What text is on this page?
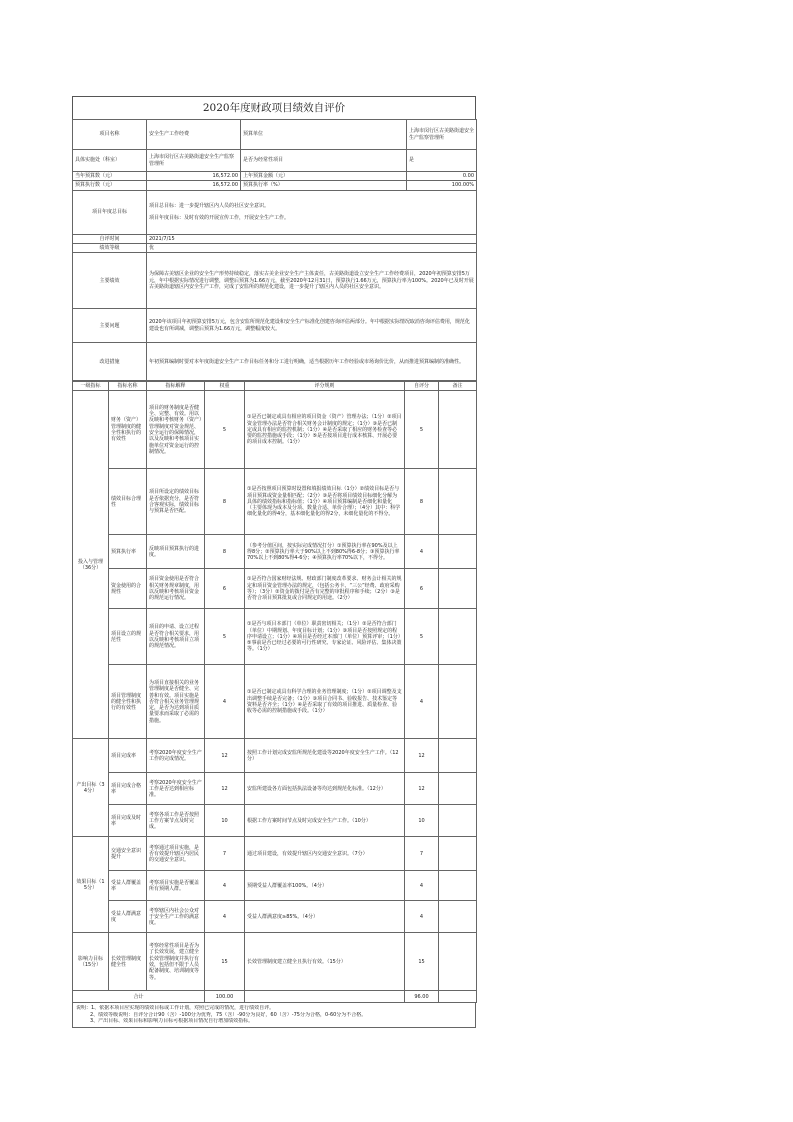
2020年度财政项目绩效自评价
项目名称	安全生产工作经费	预算单位	上海市闵行区古美路街道安全生产监察管理所
具体实施处（科室）	上海市闵行区古美路街道安全生产监察管理所	是否为经常性项目	是
当年预算数（元）	16,572.00	上年预算金额（元）	0.00
预算执行数（元）	16,572.00	预算执行率（%）	100.00%
项目年度总目标	项目总目标：进一步提升辖区内人员的社区安全意识。
项目年度目标：及时有效的开展宣传工作，开展安全生产工作。		

自评时间	2021/7/15		
绩效等级	优		
主要绩效	为保障古美辖区企业的安全生产形势持续稳定，落实古美企业安全生产主体责任，古美路街道设立安全生产工作经费项目，2020年初预算安排5万元，年中根据实际情况进行调整，调整后预算为1.66万元，截至2020年12月31日，预算执行1.66万元，预算执行率为100%。2020年已及时开展古美路街道辖区内安全生产工作，完成了安监所的规范化建设，进一步提升了辖区内人员的社区安全意识。		
主要问题	2020年该项目年初预算安排5万元，包含安监所规范化建设和安全生产标准化创建咨询评估两部分。年中根据实际情况取消咨询评估费用，规范化建设也有所调减，调整后预算为1.66万元，调整幅度较大。		
改进措施	年初预算编制时要对本年度街道安全生产工作目标任务和分工进行明确，适当根据历年工作经验或市场询价比价，从而推进预算编制的准确性。		
一级指标	指标名称	指标解释	权重	评分规则	自评分	备注
投入与管理（36分）	财务（资产）管理制度的健全性和执行的有效性	项目的财务制度是否健全、完整、有效。用以反映和考核财务（资产）管理制度对资金规范、安全运行的保障情况，以及反映和考核项目实施单位对资金运行的控制情况。	5	①是否已制定或具有相应的项目资金（资产）管理办法；（1分）②项目资金管理办法是否符合相关财务会计制度的规定；（1分）③是否已制定或具有相应的监控机制；（1分）④是否采取了相应的财务检查等必要的监控措施或手段；（1分）⑤是否按项目进行成本核算、开展必要的项目成本控制。（1分）	5	
	绩效目标合理性	项目所设定的绩效目标是否依据充分，是否符合客观实际，绩效目标与预算是否匹配。	8	①是否按照项目预算时设置和填报绩效目标（1分）②绩效目标是否与项目预算或资金量相匹配；（2分）③是否将项目绩效目标细化分解为具体的绩效指标和指标值；（1分）④项目预算编制是否细化和量化（主要体现为成本及分项、数量合适、单价合理）；（4分）其中：科学细化量化的得4分，基本细化量化的得2分，未细化量化的不得分。	8	
	预算执行率	反映项目预算执行的进度。	8	（参考分值区间，按实际完成情况打分）①预算执行率在90%及以上得8分；②预算执行率大于90%以上不到80%得6-8分；③预算执行率70%以上不到80%得4-6分；④预算执行率70%以下，不得分。	4	
	资金使用的合规性	项目资金使用是否符合相关财务规章制度，用以反映和考核项目资金的规范运行情况。	6	①是否符合国家财经法规、财政部门制度改革要求、财务会计相关的规定和项目资金管理办法的规定，（包括公务卡、“三公”经费、政府采购等）；（3分）②资金的拨付是否有完整的审批程序和手续；（2分）③是否符合项目预算批复或合同规定的用途。（2分）	6	
	项目设立的规范性	项目的申请、设立过程是否符合相关要求，用以反映和考核项目立项的规范情况。	5	①是否与项目本部门（单位）职责密切相关；（1分）②是否符合部门（单位）中期规划、年度目标计划；（1分）③项目是否按照规定的程序申请设立；（1分）④项目是否经过本部门（单位）预算评审；（1分）⑤事前是否已经过必要的可行性研究、专家论证、风险评估、集体决策等。（1分）	5	
	项目管理制度的健全性和执行的有效性	为项目直接相关的业务管理制度是否健全、完善和有效。项目实施是否符合相关业务管理规定，是否为达到项目质量要求而采取了必需的措施。	4	①是否已制定或具有科学合理的业务管理制度；（1分）②项目调整及支出调整手续是否完备；（1分）③项目合同书、验收报告、技术鉴定等资料是否齐全；（1分）④是否采取了有效的项目推进、质量检查、验收等必需的控制措施或手段。（1分）	4	
产出目标（34分）	项目完成率	考察2020年度安全生产工作的完成情况。	12	按照工作计划完成安监所规范化建设等2020年度安全生产工作。（12分）	12	
	项目完成合格率	考察2020年度安全生产工作是否达到相应标准。	12	安监所建设各方面包括执法设备等均达到规范化标准。（12分）	12	
	项目完成及时率	考察各项工作是否按照工作方案节点及时完成。	10	根据工作方案时间节点及时完成安全生产工作。（10分）	10	
效果目标（15分）	交通安全意识提升	考察通过项目实施，是否有效提升辖区内居民的交通安全意识。	7	通过项目建设，有效提升辖区内交通安全意识。（7分）	7	
	受益人群覆盖率	考察项目实施是否覆盖所有预期人群。	4	预期受益人群覆盖率100%。（4分）	4	
	受益人群满意度	考察辖区内社会公众对于安全生产工作的满意度。	4	受益人群满意度≥85%。（4分）	4	
影响力目标（15分）	长效管理制度健全性	考察经常性项目是否为了长效发展，建立健全长效管理制度并执行有效，包括但不限于人员配备制度、培训制度等等。	15	长效管理制度建立健全且执行有效。（15分）	15	
合计			100.00		96.00	
说明：1、依据本项目应实现的绩效目标或工作计划，对照已完成的情况，进行绩效自评。
2、绩效等级说明：自评分合计90（含）-100分为优秀，75（含）-90分为良好，60（含）-75分为合格，0-60分为不合格。
3、产出目标、效果目标和影响力目标可根据项目情况自行增加绩效指标。
